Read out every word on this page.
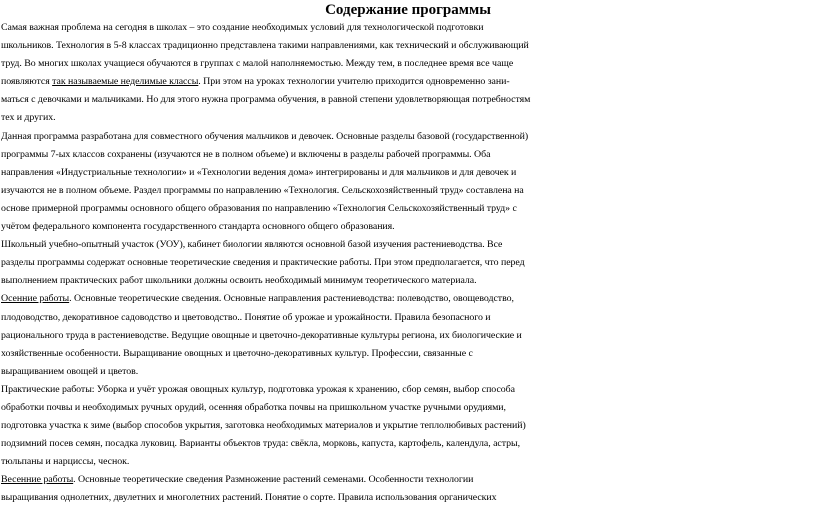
Содержание программы
Самая важная проблема на сегодня в школах – это создание необходимых условий для технологической подготовки
школьников. Технология в 5-8 классах традиционно представлена такими направлениями, как технический и обслуживающий
труд. Во многих школах учащиеся обучаются в группах с малой наполняемостью. Между тем, в последнее время все чаще
появляются так называемые неделимые классы. При этом на уроках технологии учителю приходится одновременно зани-
маться с девочками и мальчиками. Но для этого нужна программа обучения, в равной степени удовлетворяющая потребностям
тех и других.
Данная программа разработана для совместного обучения мальчиков и девочек. Основные разделы базовой (государственной)
программы 7-ых классов сохранены (изучаются не в полном объеме) и включены в разделы рабочей программы. Оба
направления «Индустриальные технологии» и «Технологии ведения дома» интегрированы и для мальчиков и для девочек и
изучаются не в полном объеме. Раздел программы по направлению «Технология. Сельскохозяйственный труд» составлена на
основе примерной программы основного общего образования по направлению «Технология Сельскохозяйственный труд» с
учётом федерального компонента государственного стандарта основного общего образования.
Школьный учебно-опытный участок (УОУ), кабинет биологии являются основной базой изучения растениеводства. Все
разделы программы содержат основные теоретические сведения и практические работы. При этом предполагается, что перед
выполнением практических работ школьники должны освоить необходимый минимум теоретического материала.
Осенние работы. Основные теоретические сведения. Основные направления растениеводства: полеводство, овощеводство,
плодоводство, декоративное садоводство и цветоводство.. Понятие об урожае и урожайности. Правила безопасного и
рационального труда в растениеводстве. Ведущие овощные и цветочно-декоративные культуры региона, их биологические и
хозяйственные особенности. Выращивание овощных и цветочно-декоративных культур. Профессии, связанные с
выращиванием овощей и цветов.
Практические работы: Уборка и учёт урожая овощных культур, подготовка урожая к хранению, сбор семян, выбор способа
обработки почвы и необходимых ручных орудий, осенняя обработка почвы на пришкольном участке ручными орудиями,
подготовка участка к зиме (выбор способов укрытия, заготовка необходимых материалов и укрытие теплолюбивых растений)
подзимний посев семян, посадка луковиц. Варианты объектов труда: свёкла, морковь, капуста, картофель, календула, астры,
тюльпаны и нарциссы, чеснок.
Весенние работы. Основные теоретические сведения Размножение растений семенами. Особенности технологии
выращивания однолетних, двулетних и многолетних растений. Понятие о сорте. Правила использования органических
